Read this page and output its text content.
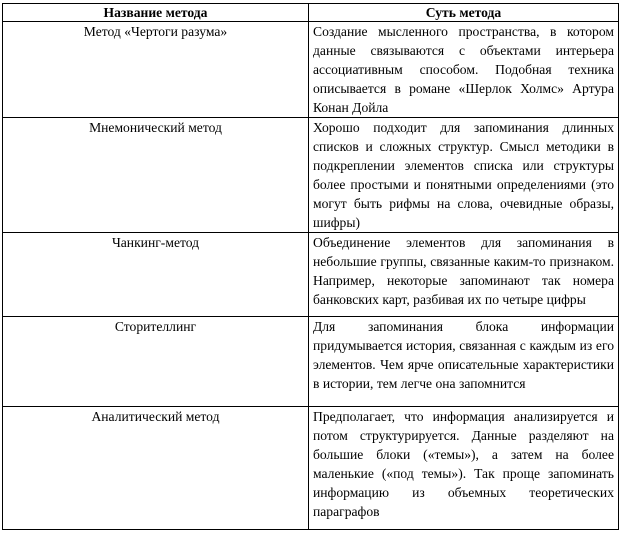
Название метода	Суть метода
Метод «Чертоги разума»	Создание мысленного пространства, в котором данные связываются с объектами интерьера ассоциативным способом. Подобная техника описывается в романе «Шерлок Холмс» Артура Конан Дойла
Мнемонический метод	Хорошо подходит для запоминания длинных списков и сложных структур. Смысл методики в подкреплении элементов списка или структуры более простыми и понятными определениями (это могут быть рифмы на слова, очевидные образы, шифры)
Чанкинг-метод	Объединение элементов для запоминания в небольшие группы, связанные каким-то признаком. Например, некоторые запоминают так номера банковских карт, разбивая их по четыре цифры
Сторителлинг	Для запоминания блока информации придумывается история, связанная с каждым из его элементов. Чем ярче описательные характеристики в истории, тем легче она запомнится
Аналитический метод	Предполагает, что информация анализируется и потом структурируется. Данные разделяют на большие блоки («темы»), а затем на более маленькие («под темы»). Так проще запоминать информацию из объемных теоретических параграфов
